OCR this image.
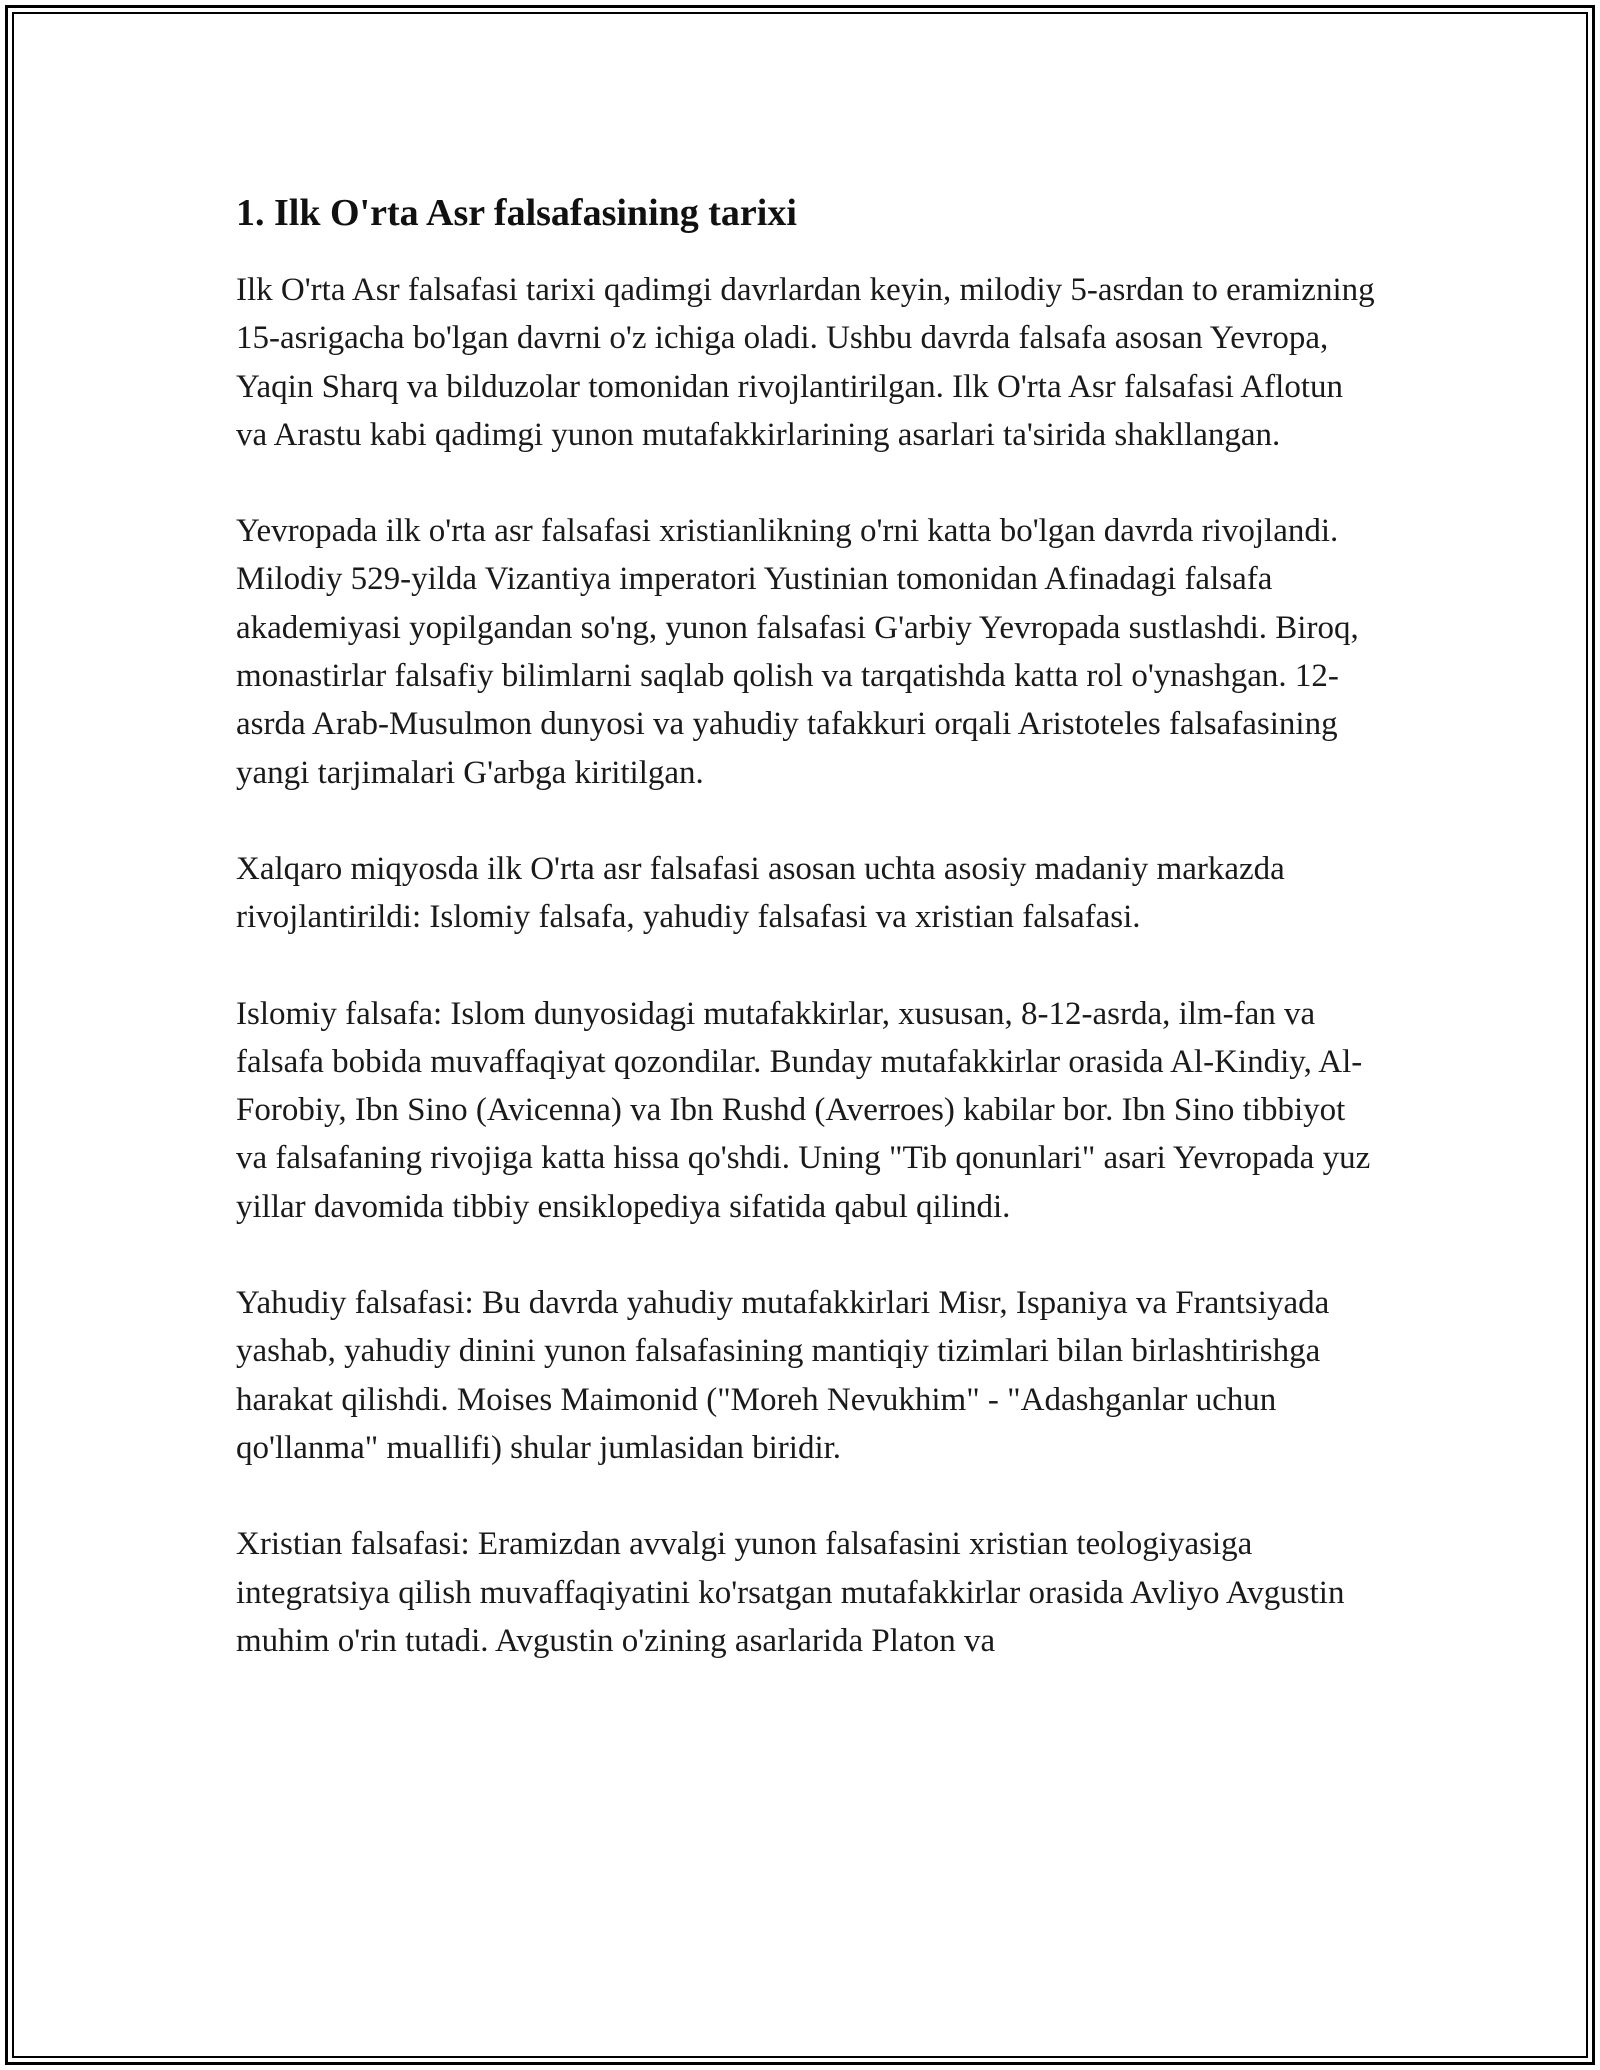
1. Ilk O'rta Asr falsafasining tarixi

Ilk O'rta Asr falsafasi tarixi qadimgi davrlardan keyin, milodiy 5-asrdan to eramizning 15-asrigacha bo'lgan davrni o'z ichiga oladi. Ushbu davrda falsafa asosan Yevropa, Yaqin Sharq va bilduzolar tomonidan rivojlantirilgan. Ilk O'rta Asr falsafasi Aflotun va Arastu kabi qadimgi yunon mutafakkirlarining asarlari ta'sirida shakllangan.

Yevropada ilk o'rta asr falsafasi xristianlikning o'rni katta bo'lgan davrda rivojlandi. Milodiy 529-yilda Vizantiya imperatori Yustinian tomonidan Afinadagi falsafa akademiyasi yopilgandan so'ng, yunon falsafasi G'arbiy Yevropada sustlashdi. Biroq, monastirlar falsafiy bilimlarni saqlab qolish va tarqatishda katta rol o'ynashgan. 12-asrda Arab-Musulmon dunyosi va yahudiy tafakkuri orqali Aristoteles falsafasining yangi tarjimalari G'arbga kiritilgan.

Xalqaro miqyosda ilk O'rta asr falsafasi asosan uchta asosiy madaniy markazda rivojlantirildi: Islomiy falsafa, yahudiy falsafasi va xristian falsafasi.

Islomiy falsafa: Islom dunyosidagi mutafakkirlar, xususan, 8-12-asrda, ilm-fan va falsafa bobida muvaffaqiyat qozondilar. Bunday mutafakkirlar orasida Al-Kindiy, Al-Forobiy, Ibn Sino (Avicenna) va Ibn Rushd (Averroes) kabilar bor. Ibn Sino tibbiyot va falsafaning rivojiga katta hissa qo'shdi. Uning "Tib qonunlari" asari Yevropada yuz yillar davomida tibbiy ensiklopediya sifatida qabul qilindi.

Yahudiy falsafasi: Bu davrda yahudiy mutafakkirlari Misr, Ispaniya va Frantsiyada yashab, yahudiy dinini yunon falsafasining mantiqiy tizimlari bilan birlashtirishga harakat qilishdi. Moises Maimonid ("Moreh Nevukhim" - "Adashganlar uchun qo'llanma" muallifi) shular jumlasidan biridir.

Xristian falsafasi: Eramizdan avvalgi yunon falsafasini xristian teologiyasiga integratsiya qilish muvaffaqiyatini ko'rsatgan mutafakkirlar orasida Avliyo Avgustin muhim o'rin tutadi. Avgustin o'zining asarlarida Platon va
